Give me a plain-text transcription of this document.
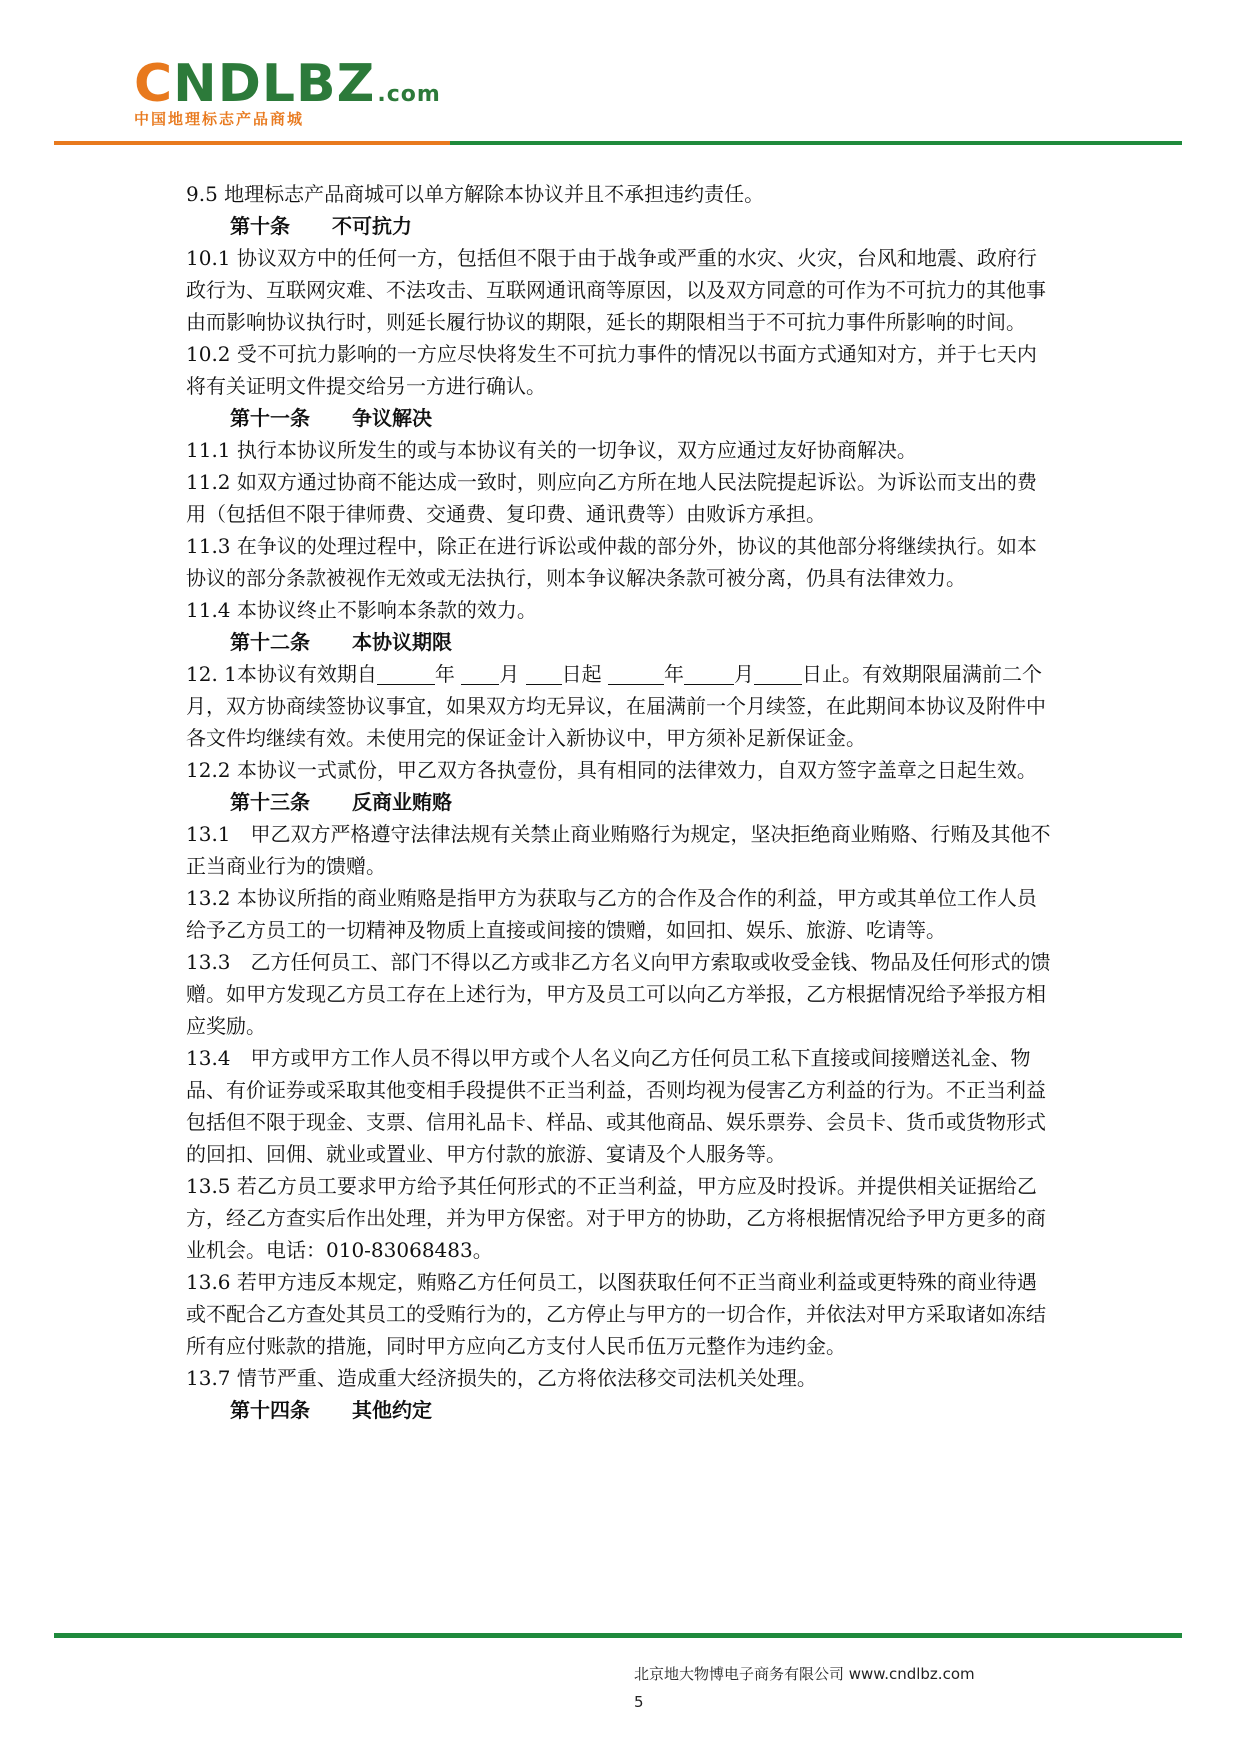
CNDLBZ.com
中国地理标志产品商城

9.5 地理标志产品商城可以单方解除本协议并且不承担违约责任。

第十条 不可抗力

10.1 协议双方中的任何一方，包括但不限于由于战争或严重的水灾、火灾，台风和地震、政府行政行为、互联网灾难、不法攻击、互联网通讯商等原因，以及双方同意的可作为不可抗力的其他事由而影响协议执行时，则延长履行协议的期限，延长的期限相当于不可抗力事件所影响的时间。

10.2 受不可抗力影响的一方应尽快将发生不可抗力事件的情况以书面方式通知对方，并于七天内将有关证明文件提交给另一方进行确认。

第十一条 争议解决

11.1 执行本协议所发生的或与本协议有关的一切争议，双方应通过友好协商解决。

11.2 如双方通过协商不能达成一致时，则应向乙方所在地人民法院提起诉讼。为诉讼而支出的费用（包括但不限于律师费、交通费、复印费、通讯费等）由败诉方承担。

11.3 在争议的处理过程中，除正在进行诉讼或仲裁的部分外，协议的其他部分将继续执行。如本协议的部分条款被视作无效或无法执行，则本争议解决条款可被分离，仍具有法律效力。

11.4 本协议终止不影响本条款的效力。

第十二条 本协议期限

12. 1本协议有效期自	年 月 日起	年	月 日止。有效期限届满前二个月，双方协商续签协议事宜，如果双方均无异议，在届满前一个月续签，在此期间本协议及附件中各文件均继续有效。未使用完的保证金计入新协议中，甲方须补足新保证金。

12.2 本协议一式贰份，甲乙双方各执壹份，具有相同的法律效力，自双方签字盖章之日起生效。

第十三条 反商业贿赂

13.1　甲乙双方严格遵守法律法规有关禁止商业贿赂行为规定，坚决拒绝商业贿赂、行贿及其他不正当商业行为的馈赠。

13.2 本协议所指的商业贿赂是指甲方为获取与乙方的合作及合作的利益，甲方或其单位工作人员给予乙方员工的一切精神及物质上直接或间接的馈赠，如回扣、娱乐、旅游、吃请等。

13.3　乙方任何员工、部门不得以乙方或非乙方名义向甲方索取或收受金钱、物品及任何形式的馈赠。如甲方发现乙方员工存在上述行为，甲方及员工可以向乙方举报，乙方根据情况给予举报方相应奖励。

13.4　甲方或甲方工作人员不得以甲方或个人名义向乙方任何员工私下直接或间接赠送礼金、物品、有价证券或采取其他变相手段提供不正当利益，否则均视为侵害乙方利益的行为。不正当利益包括但不限于现金、支票、信用礼品卡、样品、或其他商品、娱乐票券、会员卡、货币或货物形式的回扣、回佣、就业或置业、甲方付款的旅游、宴请及个人服务等。

13.5 若乙方员工要求甲方给予其任何形式的不正当利益，甲方应及时投诉。并提供相关证据给乙方，经乙方查实后作出处理，并为甲方保密。对于甲方的协助，乙方将根据情况给予甲方更多的商业机会。电话：010-83068483。

13.6 若甲方违反本规定，贿赂乙方任何员工，以图获取任何不正当商业利益或更特殊的商业待遇或不配合乙方查处其员工的受贿行为的，乙方停止与甲方的一切合作，并依法对甲方采取诸如冻结所有应付账款的措施，同时甲方应向乙方支付人民币伍万元整作为违约金。

13.7 情节严重、造成重大经济损失的，乙方将依法移交司法机关处理。

第十四条 其他约定

北京地大物博电子商务有限公司 www.cndlbz.com
5
